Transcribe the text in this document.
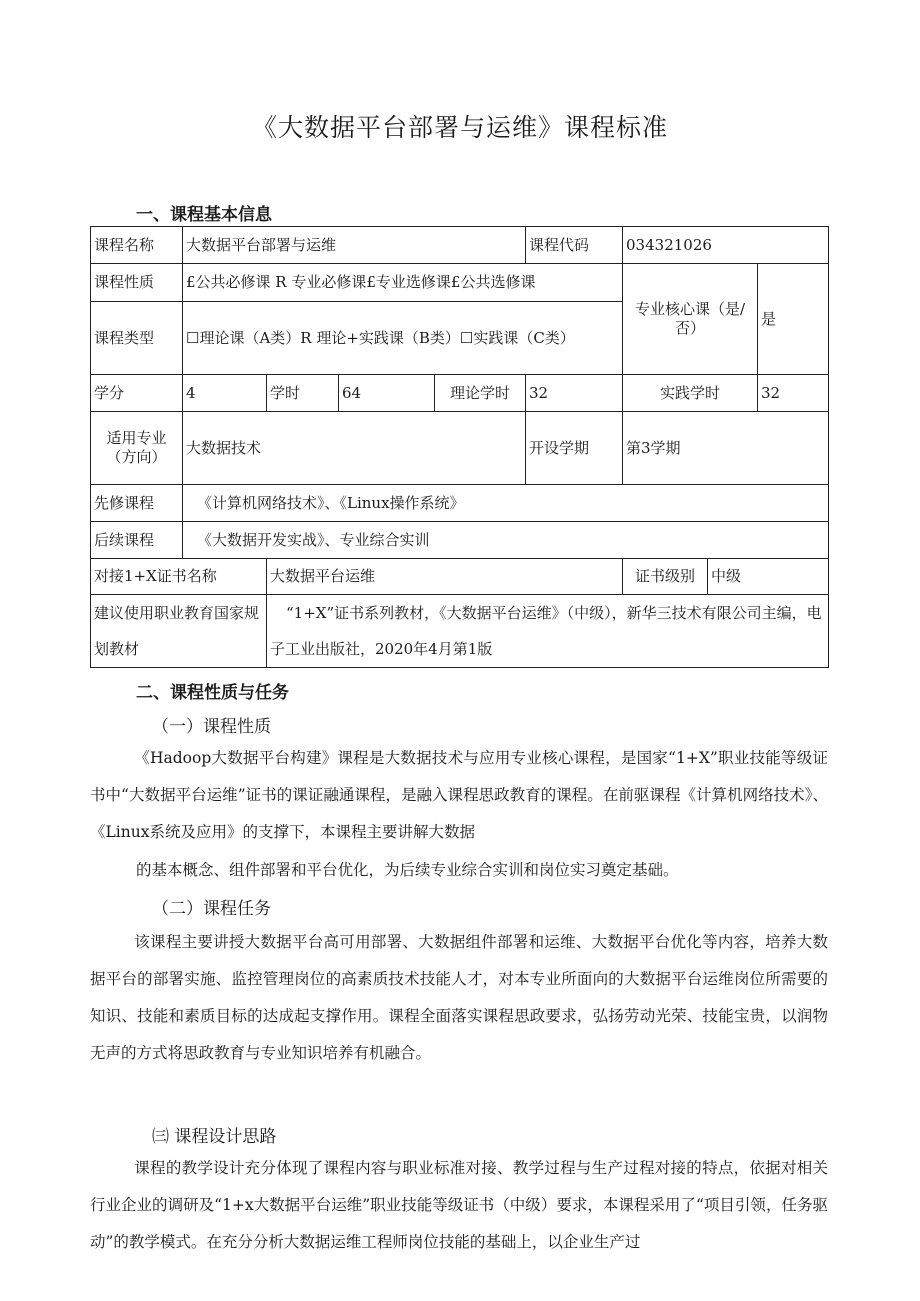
《大数据平台部署与运维》课程标准
一、课程基本信息
课程名称	大数据平台部署与运维				课程代码	034321026		
课程性质	£公共必修课 R 专业必修课£专业选修课£公共选修课					专业核心课（是/否）		是
课程类型	☐理论课（A类）R 理论+实践课（B类）☐实践课（C类）							
学分	4	学时	64	理论学时	32	实践学时		32
适用专业（方向）	大数据技术				开设学期	第3学期		
先修课程	《计算机网络技术》、《Linux操作系统》							
后续课程	《大数据开发实战》、专业综合实训							
对接1+X证书名称		大数据平台运维				证书级别	中级	
建议使用职业教育国家规划教材		“1+X”证书系列教材，《大数据平台运维》（中级），新华三技术有限公司主编，电子工业出版社，2020年4月第1版						
二、课程性质与任务
（一）课程性质
《Hadoop大数据平台构建》课程是大数据技术与应用专业核心课程，是国家“1+X”职业技能等级证书中“大数据平台运维”证书的课证融通课程，是融入课程思政教育的课程。在前驱课程《计算机网络技术》、《Linux系统及应用》的支撑下，本课程主要讲解大数据
的基本概念、组件部署和平台优化，为后续专业综合实训和岗位实习奠定基础。
（二）课程任务
该课程主要讲授大数据平台高可用部署、大数据组件部署和运维、大数据平台优化等内容，培养大数据平台的部署实施、监控管理岗位的高素质技术技能人才，对本专业所面向的大数据平台运维岗位所需要的知识、技能和素质目标的达成起支撑作用。课程全面落实课程思政要求，弘扬劳动光荣、技能宝贵，以润物无声的方式将思政教育与专业知识培养有机融合。
㈢ 课程设计思路
课程的教学设计充分体现了课程内容与职业标准对接、教学过程与生产过程对接的特点，依据对相关行业企业的调研及“1+x大数据平台运维”职业技能等级证书（中级）要求，本课程采用了“项目引领，任务驱动”的教学模式。在充分分析大数据运维工程师岗位技能的基础上，以企业生产过
